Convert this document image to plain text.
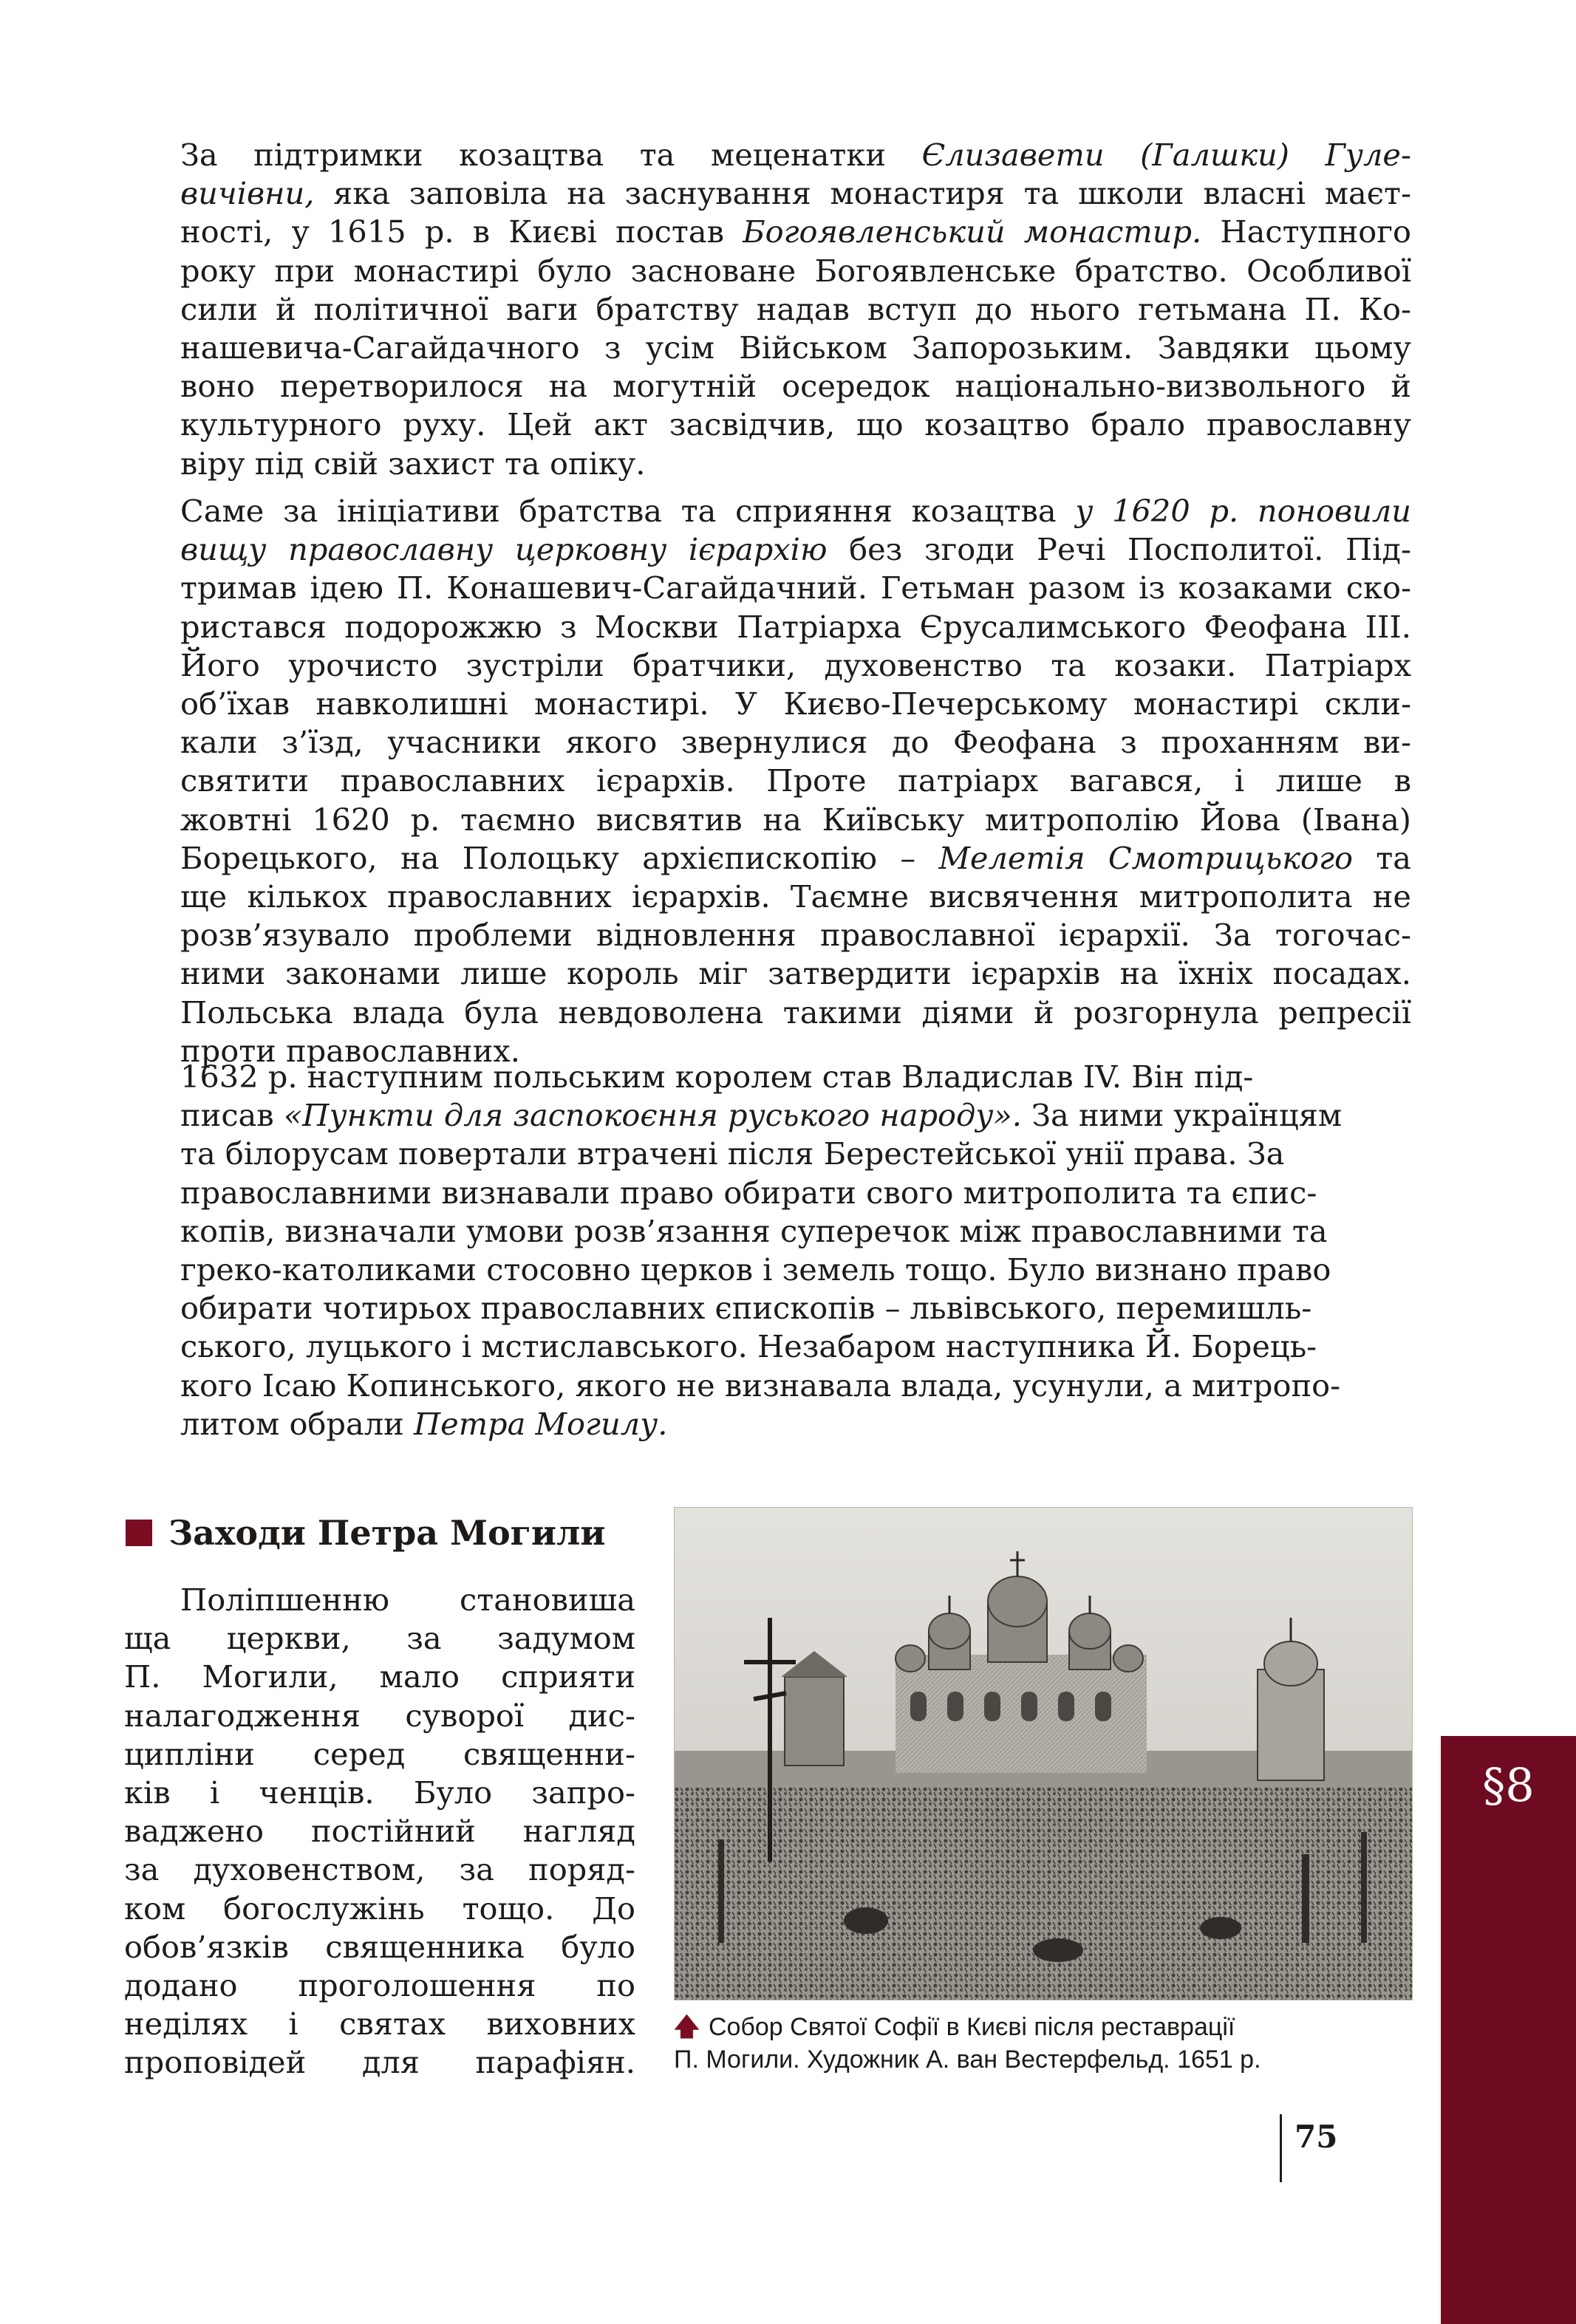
За підтримки козацтва та меценатки Єлизавети (Галшки) Гуле-
вичівни, яка заповіла на заснування монастиря та школи власні маєт-
ності, у 1615 р. в Києві постав Богоявленський монастир. Наступного
року при монастирі було засноване Богоявленське братство. Особливої
сили й політичної ваги братству надав вступ до нього гетьмана П. Ко-
нашевича-Сагайдачного з усім Військом Запорозьким. Завдяки цьому
воно перетворилося на могутній осередок національно-визвольного й
культурного руху. Цей акт засвідчив, що козацтво брало православну
віру під свій захист та опіку.
Саме за ініціативи братства та сприяння козацтва у 1620 р. поновили
вищу православну церковну ієрархію без згоди Речі Посполитої. Під-
тримав ідею П. Конашевич-Сагайдачний. Гетьман разом із козаками ско-
ристався подорожжю з Москви Патріарха Єрусалимського Феофана III.
Його урочисто зустріли братчики, духовенство та козаки. Патріарх
об’їхав навколишні монастирі. У Києво-Печерському монастирі скли-
кали з’їзд, учасники якого звернулися до Феофана з проханням ви-
святити православних ієрархів. Проте патріарх вагався, і лише в
жовтні 1620 р. таємно висвятив на Київську митрополію Йова (Івана)
Борецького, на Полоцьку архієпископію – Мелетія Смотрицького та
ще кількох православних ієрархів. Таємне висвячення митрополита не
розв’язувало проблеми відновлення православної ієрархії. За тогочас-
ними законами лише король міг затвердити ієрархів на їхніх посадах.
Польська влада була невдоволена такими діями й розгорнула репресії
проти православних.
1632 р. наступним польським королем став Владислав IV. Він під-
писав «Пункти для заспокоєння руського народу». За ними українцям
та білорусам повертали втрачені після Берестейської унії права. За
православними визнавали право обирати свого митрополита та єпис-
копів, визначали умови розв’язання суперечок між православними та
греко-католиками стосовно церков і земель тощо. Було визнано право
обирати чотирьох православних єпископів – львівського, перемишль-
ського, луцького і мстиславського. Незабаром наступника Й. Борець-
кого Ісаю Копинського, якого не визнавала влада, усунули, а митропо-
литом обрали Петра Могилу.
Заходи Петра Могили
Поліпшенню становиша
ща церкви, за задумом
П. Могили, мало сприяти
налагодження суворої дис-
ципліни серед священни-
ків і ченців. Було запро-
ваджено постійний нагляд
за духовенством, за поряд-
ком богослужінь тощо. До
обов’язків священника було
додано проголошення по
неділях і святах виховних
проповідей для парафіян.
🡅 Собор Святої Софії в Києві після реставрації
П. Могили. Художник А. ван Вестерфельд. 1651 р.
75
§8
